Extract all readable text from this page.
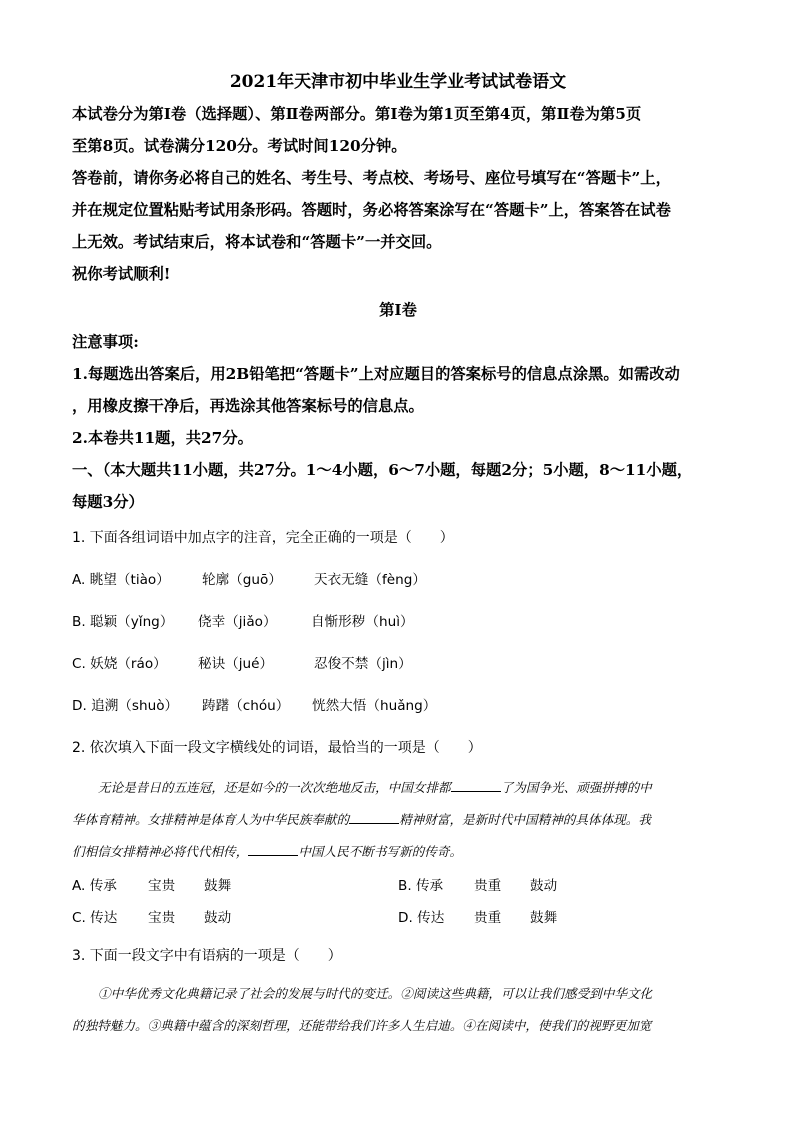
2021年天津市初中毕业生学业考试试卷语文
本试卷分为第Ⅰ卷（选择题）、第Ⅱ卷两部分。第Ⅰ卷为第1页至第4页，第Ⅱ卷为第5页
至第8页。试卷满分120分。考试时间120分钟。
答卷前，请你务必将自己的姓名、考生号、考点校、考场号、座位号填写在“答题卡”上，
并在规定位置粘贴考试用条形码。答题时，务必将答案涂写在“答题卡”上，答案答在试卷
上无效。考试结束后，将本试卷和“答题卡”一并交回。
祝你考试顺利!
第Ⅰ卷
注意事项:
1.每题选出答案后，用2B铅笔把“答题卡”上对应题目的答案标号的信息点涂黑。如需改动
，用橡皮擦干净后，再选涂其他答案标号的信息点。
2.本卷共11题，共27分。
一、（本大题共11小题，共27分。1～4小题，6～7小题，每题2分；5小题，8～11小题，
每题3分）
1. 下面各组词语中加点字的注音，完全正确的一项是（　　）
A. 眺望（tiào）	轮廓（guō）	天衣无缝（fèng）
B. 聪颖（yǐng）	侥幸（jiǎo）	自惭形秽（huì）
C. 妖娆（ráo）	秘诀（jué）	忍俊不禁（jìn）
D. 追溯（shuò）	踌躇（chóu）	恍然大悟（huǎng）
2. 依次填入下面一段文字横线处的词语，最恰当的一项是（　　）
无论是昔日的五连冠，还是如今的一次次绝地反击，中国女排都	了为国争光、顽强拼搏的中
华体育精神。女排精神是体育人为中华民族奉献的	精神财富，是新时代中国精神的具体体现。我
们相信女排精神必将代代相传，	中国人民不断书写新的传奇。
A. 传承	宝贵	鼓舞	B. 传承	贵重	鼓动
C. 传达	宝贵	鼓动	D. 传达	贵重	鼓舞
3. 下面一段文字中有语病的一项是（　　）
①中华优秀文化典籍记录了社会的发展与时代的变迁。②阅读这些典籍，可以让我们感受到中华文化
的独特魅力。③典籍中蕴含的深刻哲理，还能带给我们许多人生启迪。④在阅读中，使我们的视野更加宽
